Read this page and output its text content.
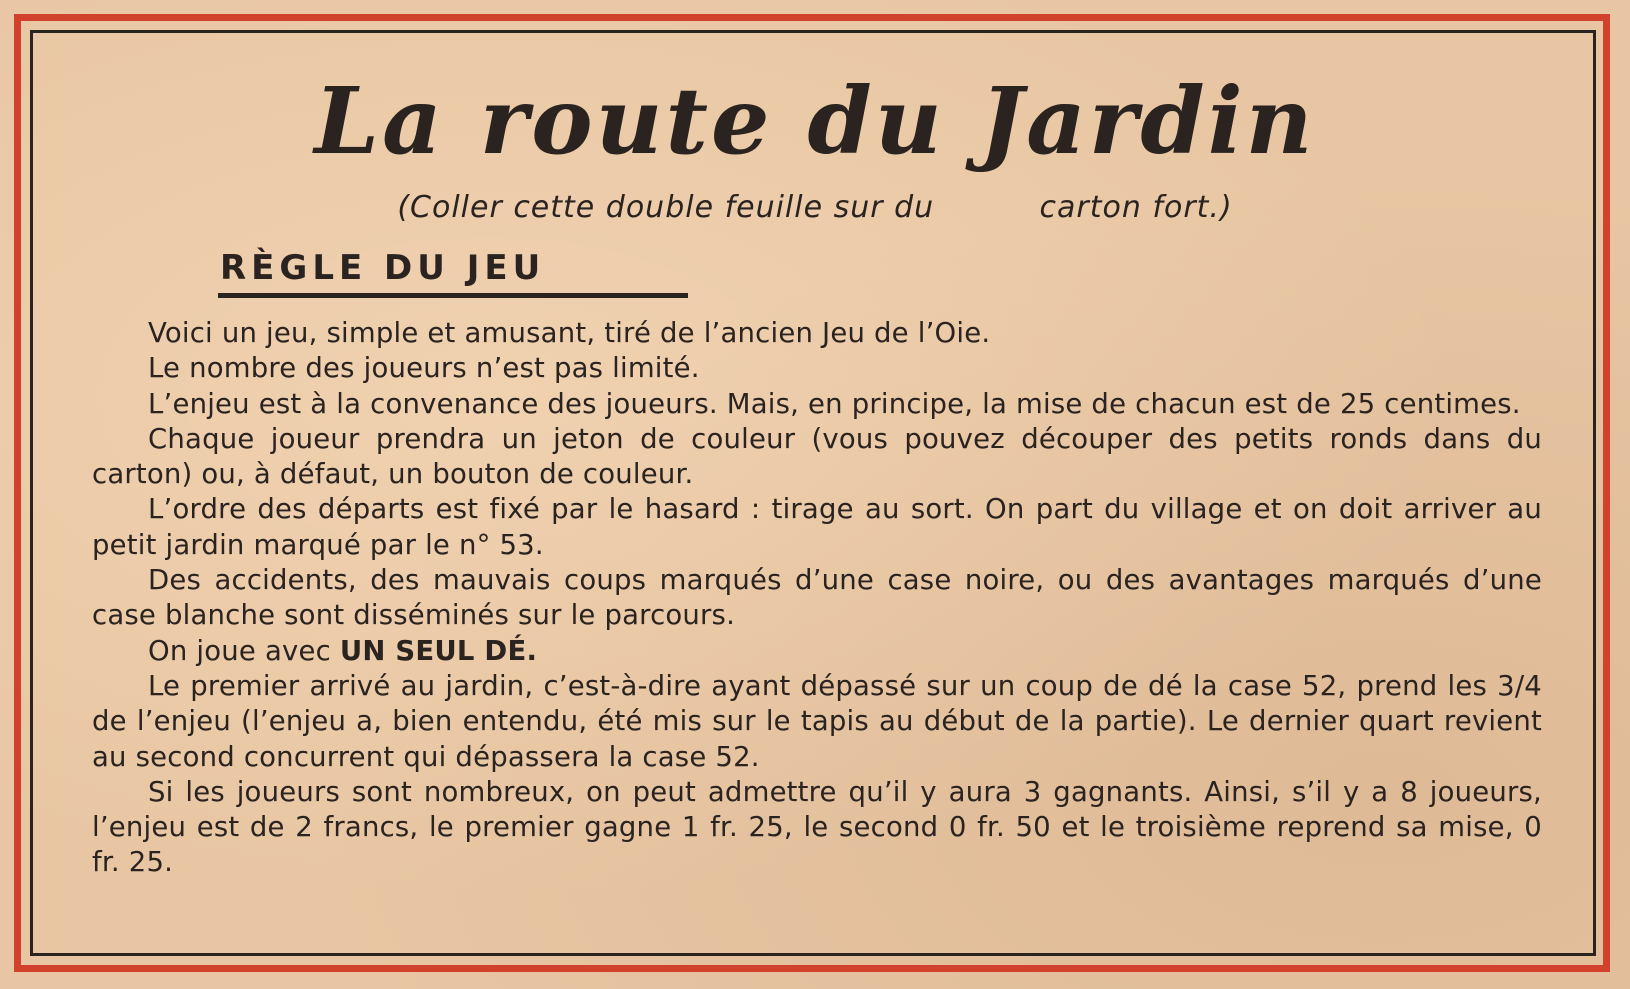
La route du Jardin
(Coller cette double feuille sur du          carton fort.)
RÈGLE DU JEU

Voici un jeu, simple et amusant, tiré de l’ancien Jeu de l’Oie.

Le nombre des joueurs n’est pas limité.

L’enjeu est à la convenance des joueurs. Mais, en principe, la mise de chacun est de 25 centimes.

Chaque joueur prendra un jeton de couleur (vous pouvez découper des petits ronds dans du carton) ou, à défaut, un bouton de couleur.

L’ordre des départs est fixé par le hasard : tirage au sort. On part du village et on doit arriver au petit jardin marqué par le n° 53.

Des accidents, des mauvais coups marqués d’une case noire, ou des avantages marqués d’une case blanche sont disséminés sur le parcours.

On joue avec UN SEUL DÉ.

Le premier arrivé au jardin, c’est-à-dire ayant dépassé sur un coup de dé la case 52, prend les 3/4 de l’enjeu (l’enjeu a, bien entendu, été mis sur le tapis au début de la partie). Le dernier quart revient au second concurrent qui dépassera la case 52.

Si les joueurs sont nombreux, on peut admettre qu’il y aura 3 gagnants. Ainsi, s’il y a 8 joueurs, l’enjeu est de 2 francs, le premier gagne 1 fr. 25, le second 0 fr. 50 et le troisième reprend sa mise, 0 fr. 25.
